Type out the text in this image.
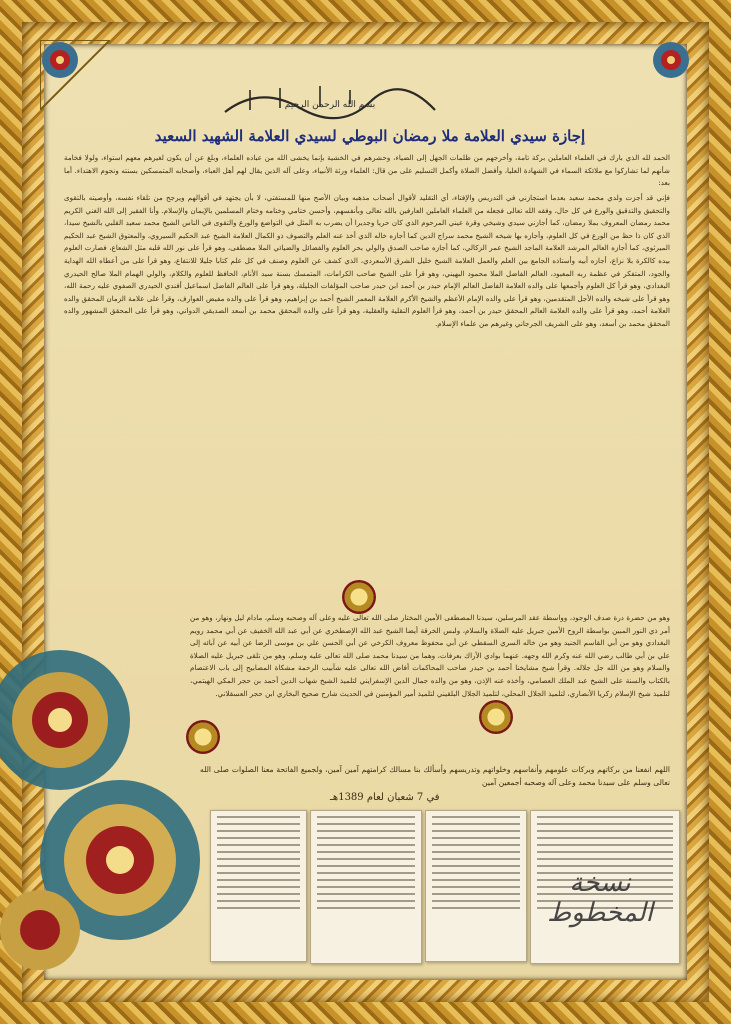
بسم الله الرحمن الرحيم
إجازة سيدي العلامة ملا رمضان البوطي لسيدي العلامة الشهيد السعيد
الحمد لله الذي بارك في العلماء العاملين بركة تامة، وأخرجهم من ظلمات الجهل إلى الضياء، وحشرهم في الخشية بإنما يخشى الله من عباده العلماء، وبلغ عن أن يكون لغيرهم معهم استواء، ولولا فخامة شأنهم لما تشاركوا مع ملائكة السماء في الشهادة العليا، وأفضل الصلاة وأكمل التسليم على من قال: العلماء ورثة الأنبياء، وعلى آله الذين يقال لهم أهل العباء، وأصحابه المتمسكين بسنته ونجوم الاهتداء. أما بعد:
فإني قد أجزت ولدي محمد سعيد بعدما استجازني في التدريس والإفتاء، أي التقليد لأقوال أصحاب مذهبه وبيان الأصح منها للمستفتي، لا بأن يجتهد في أقوالهم ويرجح من تلقاء نفسه، وأوصيته بالتقوى والتحقيق والتدقيق والورع في كل حال، وفقه الله تعالى فجعله من العلماء العاملين العارفين بالله تعالى وبأنفسهم، وأحسن ختامي وختامه وختام المسلمين بالإيمان والإسلام. وأنا الفقير إلى الله الغني الكريم محمد رمضان المعروف بملا رمضان، كما أجازني سيدي وشيخي وقرة عيني المرحوم الذي كان حريا وجديرا أن يضرب به المثل في التواضع والورع والتقوى في الناس الشيخ محمد سعيد القلبي بالشيخ سيدا، الذي كان ذا حظ من الورع في كل العلوم، وأجازه بها شيخه الشيخ محمد سراج الدين كما أجازه خاله الذي أخذ عنه العلم والتصوف ذو الكمال العلامة الشيخ عبد الحكيم السيروي، والمعتوق الشيخ عبد الحكيم الميرثوي، كما أجازه العالم المرشد العلامة الماجد الشيخ عمر الزكالي، كما أجازه صاحب الصدق والولي بحر العلوم والفضائل والضيائي الملا مصطفى، وهو قرأ على نور الله قلبه مثل الشعاع، فصارت العلوم بيده كالكرة بلا نزاع، أجازه أبيه وأستاذه الجامع بين العلم والعمل العلامة الشيخ خليل الشرق الأسعردي، الذي كشف عن العلوم وصنف في كل علم كتابا جليلا للانتفاع، وهو قرأ على من أعطاه الله الهداية والجود، المتفكر في عظمة ربه المعبود، العالم الفاضل الملا محمود البهيني، وهو قرأ على الشيخ صاحب الكرامات، المتمسك بسنة سيد الأنام، الحافظ للعلوم والكلام، والولي الهمام الملا صالح الحيدري البغدادي، وهو قرأ كل العلوم وأجمعها على والده العلامة الفاضل العالم الإمام حيدر بن أحمد ابن حيدر صاحب المؤلفات الجليلة، وهو قرأ على العالم الفاضل اسماعيل أفندي الحيدري الصفوي عليه رحمة الله، وهو قرأ على شيخه والده الأجل المتقدمين، وهو قرأ على والده الإمام الأعظم والشيخ الأكرم العلامة المعمر الشيخ أحمد بن إبراهيم، وهو قرأ على والده مفيض العوارف، وقرأ على علامة الزمان المحقق والده العلامة أحمد، وهو قرأ على والده العلامة العالم المحقق حيدر بن أحمد، وهو قرأ العلوم النقلية والعقلية، وهو قرأ على والده المحقق محمد بن أسعد الصديقي الدواني، وهو قرأ على المحقق المشهور والده المحقق محمد بن أسعد، وهو على الشريف الجرجاني وغيرهم من علماء الإسلام.
وهو من حضرة درة صدف الوجود، وواسطة عقد المرسلين، سيدنا المصطفى الأمين المختار صلى الله تعالى عليه وعلى آله وصحبه وسلم، مادام ليل ونهار، وهو من أمر ذي النور المبين بواسطة الروح الأمين جبريل عليه الصلاة والسلام، ولبس الخرقة أيضا الشيخ عبد الله الإصطخري عن أبي عبد الله الخفيف عن أبي محمد رويم البغدادي وهو من أبي القاسم الجنيد وهو من خاله السري السقطي عن أبي محفوظ معروف الكرخي عن أبي الحسن علي بن موسى الرضا عن أبيه عن آبائه إلى علي بن أبي طالب رضي الله عنه وكرم الله وجهه. عنهما بوادي الأراك بعرفات، وهما من سيدنا محمد صلى الله تعالى عليه وسلم، وهو من تلقى جبريل عليه الصلاة والسلام وهو من الله جل جلاله. وقرأ شيخ مشايخنا أحمد بن حيدر صاحب المحاكمات أفاض الله تعالى عليه شآبيب الرحمة مشكاة المصابيح إلى باب الاعتصام بالكتاب والسنة على الشيخ عبد الملك العصامي، وأخذه عنه الإذن، وهو من والده جمال الدين الإسفرايني لتلميذ الشيخ شهاب الدين أحمد بن حجر المكي الهيتمي، لتلميذ شيخ الإسلام زكريا الأنصاري، لتلميذ الجلال المحلي، لتلميذ الجلال البلقيني لتلميذ أمير المؤمنين في الحديث شارح صحيح البخاري ابن حجر العسقلاني.
اللهم انفعنا من بركاتهم وبركات علومهم وأنفاسهم وخلواتهم وتدريسهم وأسألك بنا مسالك كرامتهم آمين آمين، ولجميع الفاتحة معنا الصلوات صلى الله تعالى وسلم على سيدنا محمد وعلى آله وصحبه أجمعين آمين
في 7 شعبان لعام 1389هـ
نسخة المخطوط
